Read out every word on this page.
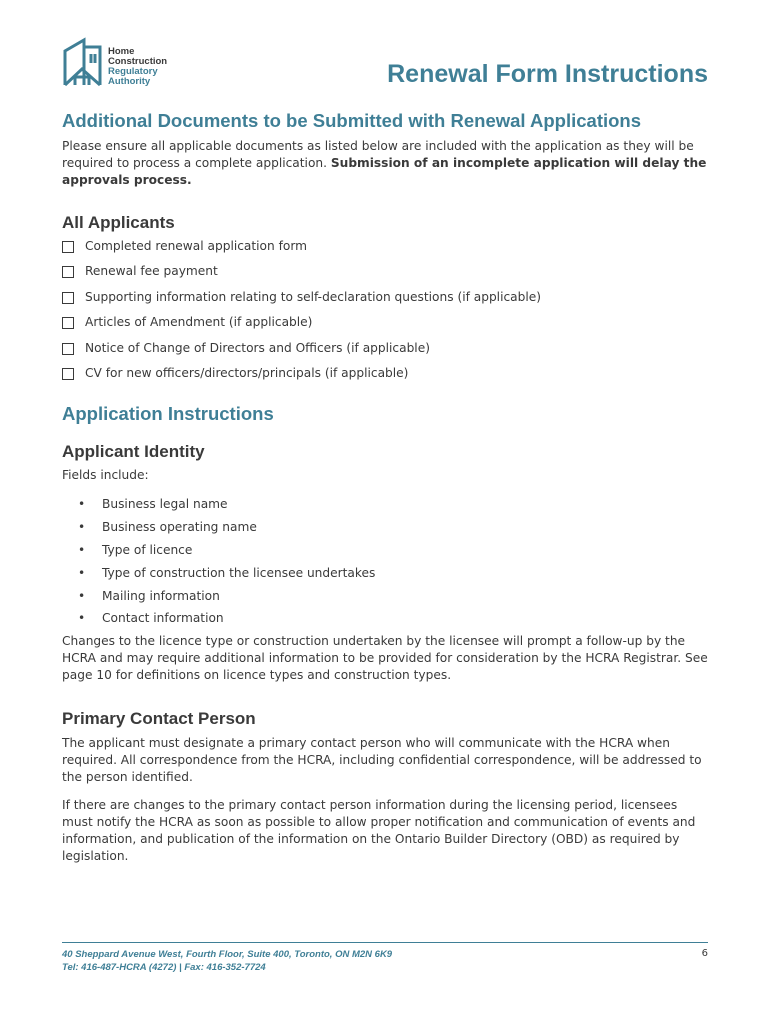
Home
Construction
Regulatory
Authority	Renewal Form Instructions
Additional Documents to be Submitted with Renewal Applications
Please ensure all applicable documents as listed below are included with the application as they will be required to process a complete application. Submission of an incomplete application will delay the approvals process.
All Applicants
Completed renewal application form
Renewal fee payment
Supporting information relating to self-declaration questions (if applicable)
Articles of Amendment (if applicable)
Notice of Change of Directors and Officers (if applicable)
CV for new officers/directors/principals (if applicable)
Application Instructions
Applicant Identity
Fields include:
•	Business legal name
•	Business operating name
•	Type of licence
•	Type of construction the licensee undertakes
•	Mailing information
•	Contact information
Changes to the licence type or construction undertaken by the licensee will prompt a follow-up by the HCRA and may require additional information to be provided for consideration by the HCRA Registrar. See page 10 for definitions on licence types and construction types.
Primary Contact Person
The applicant must designate a primary contact person who will communicate with the HCRA when required. All correspondence from the HCRA, including confidential correspondence, will be addressed to the person identified.
If there are changes to the primary contact person information during the licensing period, licensees must notify the HCRA as soon as possible to allow proper notification and communication of events and information, and publication of the information on the Ontario Builder Directory (OBD) as required by legislation.
40 Sheppard Avenue West, Fourth Floor, Suite 400, Toronto, ON M2N 6K9
Tel: 416-487-HCRA (4272) | Fax: 416-352-7724
6
